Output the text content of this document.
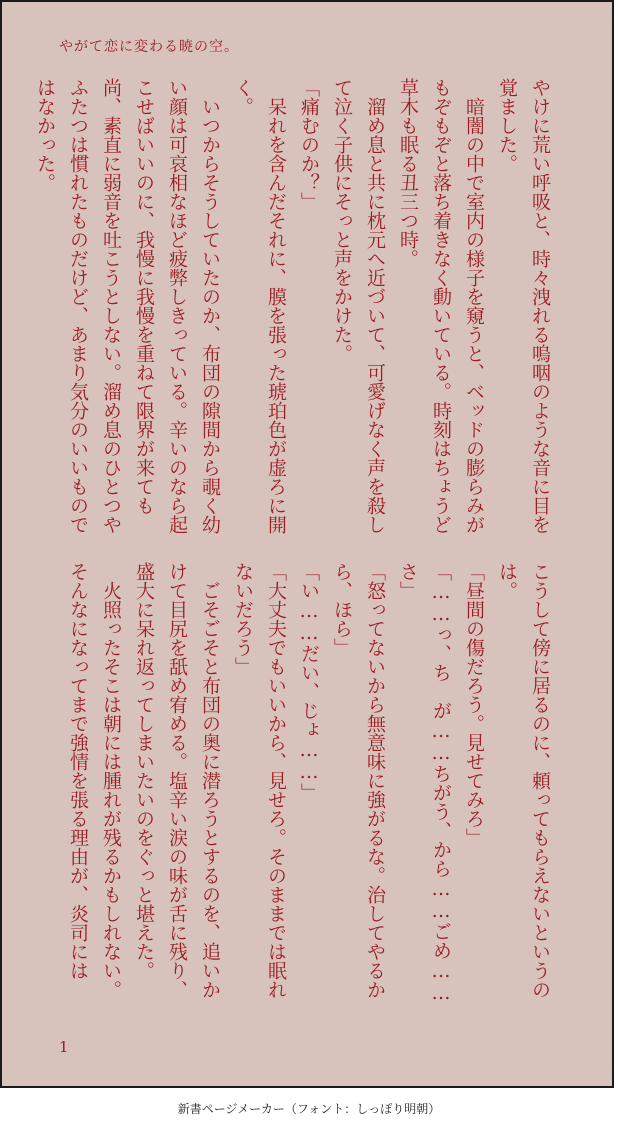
やがて恋に変わる暁の空。

やけに荒い呼吸と、時々洩れる嗚咽のような音に目を覚ました。

暗闇の中で室内の様子を窺うと、ベッドの膨らみがもぞもぞと落ち着きなく動いている。時刻はちょうど草木も眠る丑三つ時。

溜め息と共に枕元へ近づいて、可愛げなく声を殺して泣く子供にそっと声をかけた。

「痛むのか？」

呆れを含んだそれに、膜を張った琥珀色が虚ろに開く。

いつからそうしていたのか、布団の隙間から覗く幼い顔は可哀相なほど疲弊しきっている。辛いのなら起こせばいいのに、我慢に我慢を重ねて限界が来ても尚、素直に弱音を吐こうとしない。溜め息のひとつやふたつは慣れたものだけど、あまり気分のいいものではなかった。

こうして傍に居るのに、頼ってもらえないというのは。

「昼間の傷だろう。見せてみろ」

「……っ、ち　が……ちがう、から……ごめ……さ」

「怒ってないから無意味に強がるな。治してやるから、ほら」

「い……だい、じょ……」

「大丈夫でもいいから、見せろ。そのままでは眠れないだろう」

ごそごそと布団の奥に潜ろうとするのを、追いかけて目尻を舐め宥める。塩辛い涙の味が舌に残り、盛大に呆れ返ってしまいたいのをぐっと堪えた。

火照ったそこは朝には腫れが残るかもしれない。そんなになってまで強情を張る理由が、炎司には

1
新書ページメーカー（フォント：しっぽり明朝）
